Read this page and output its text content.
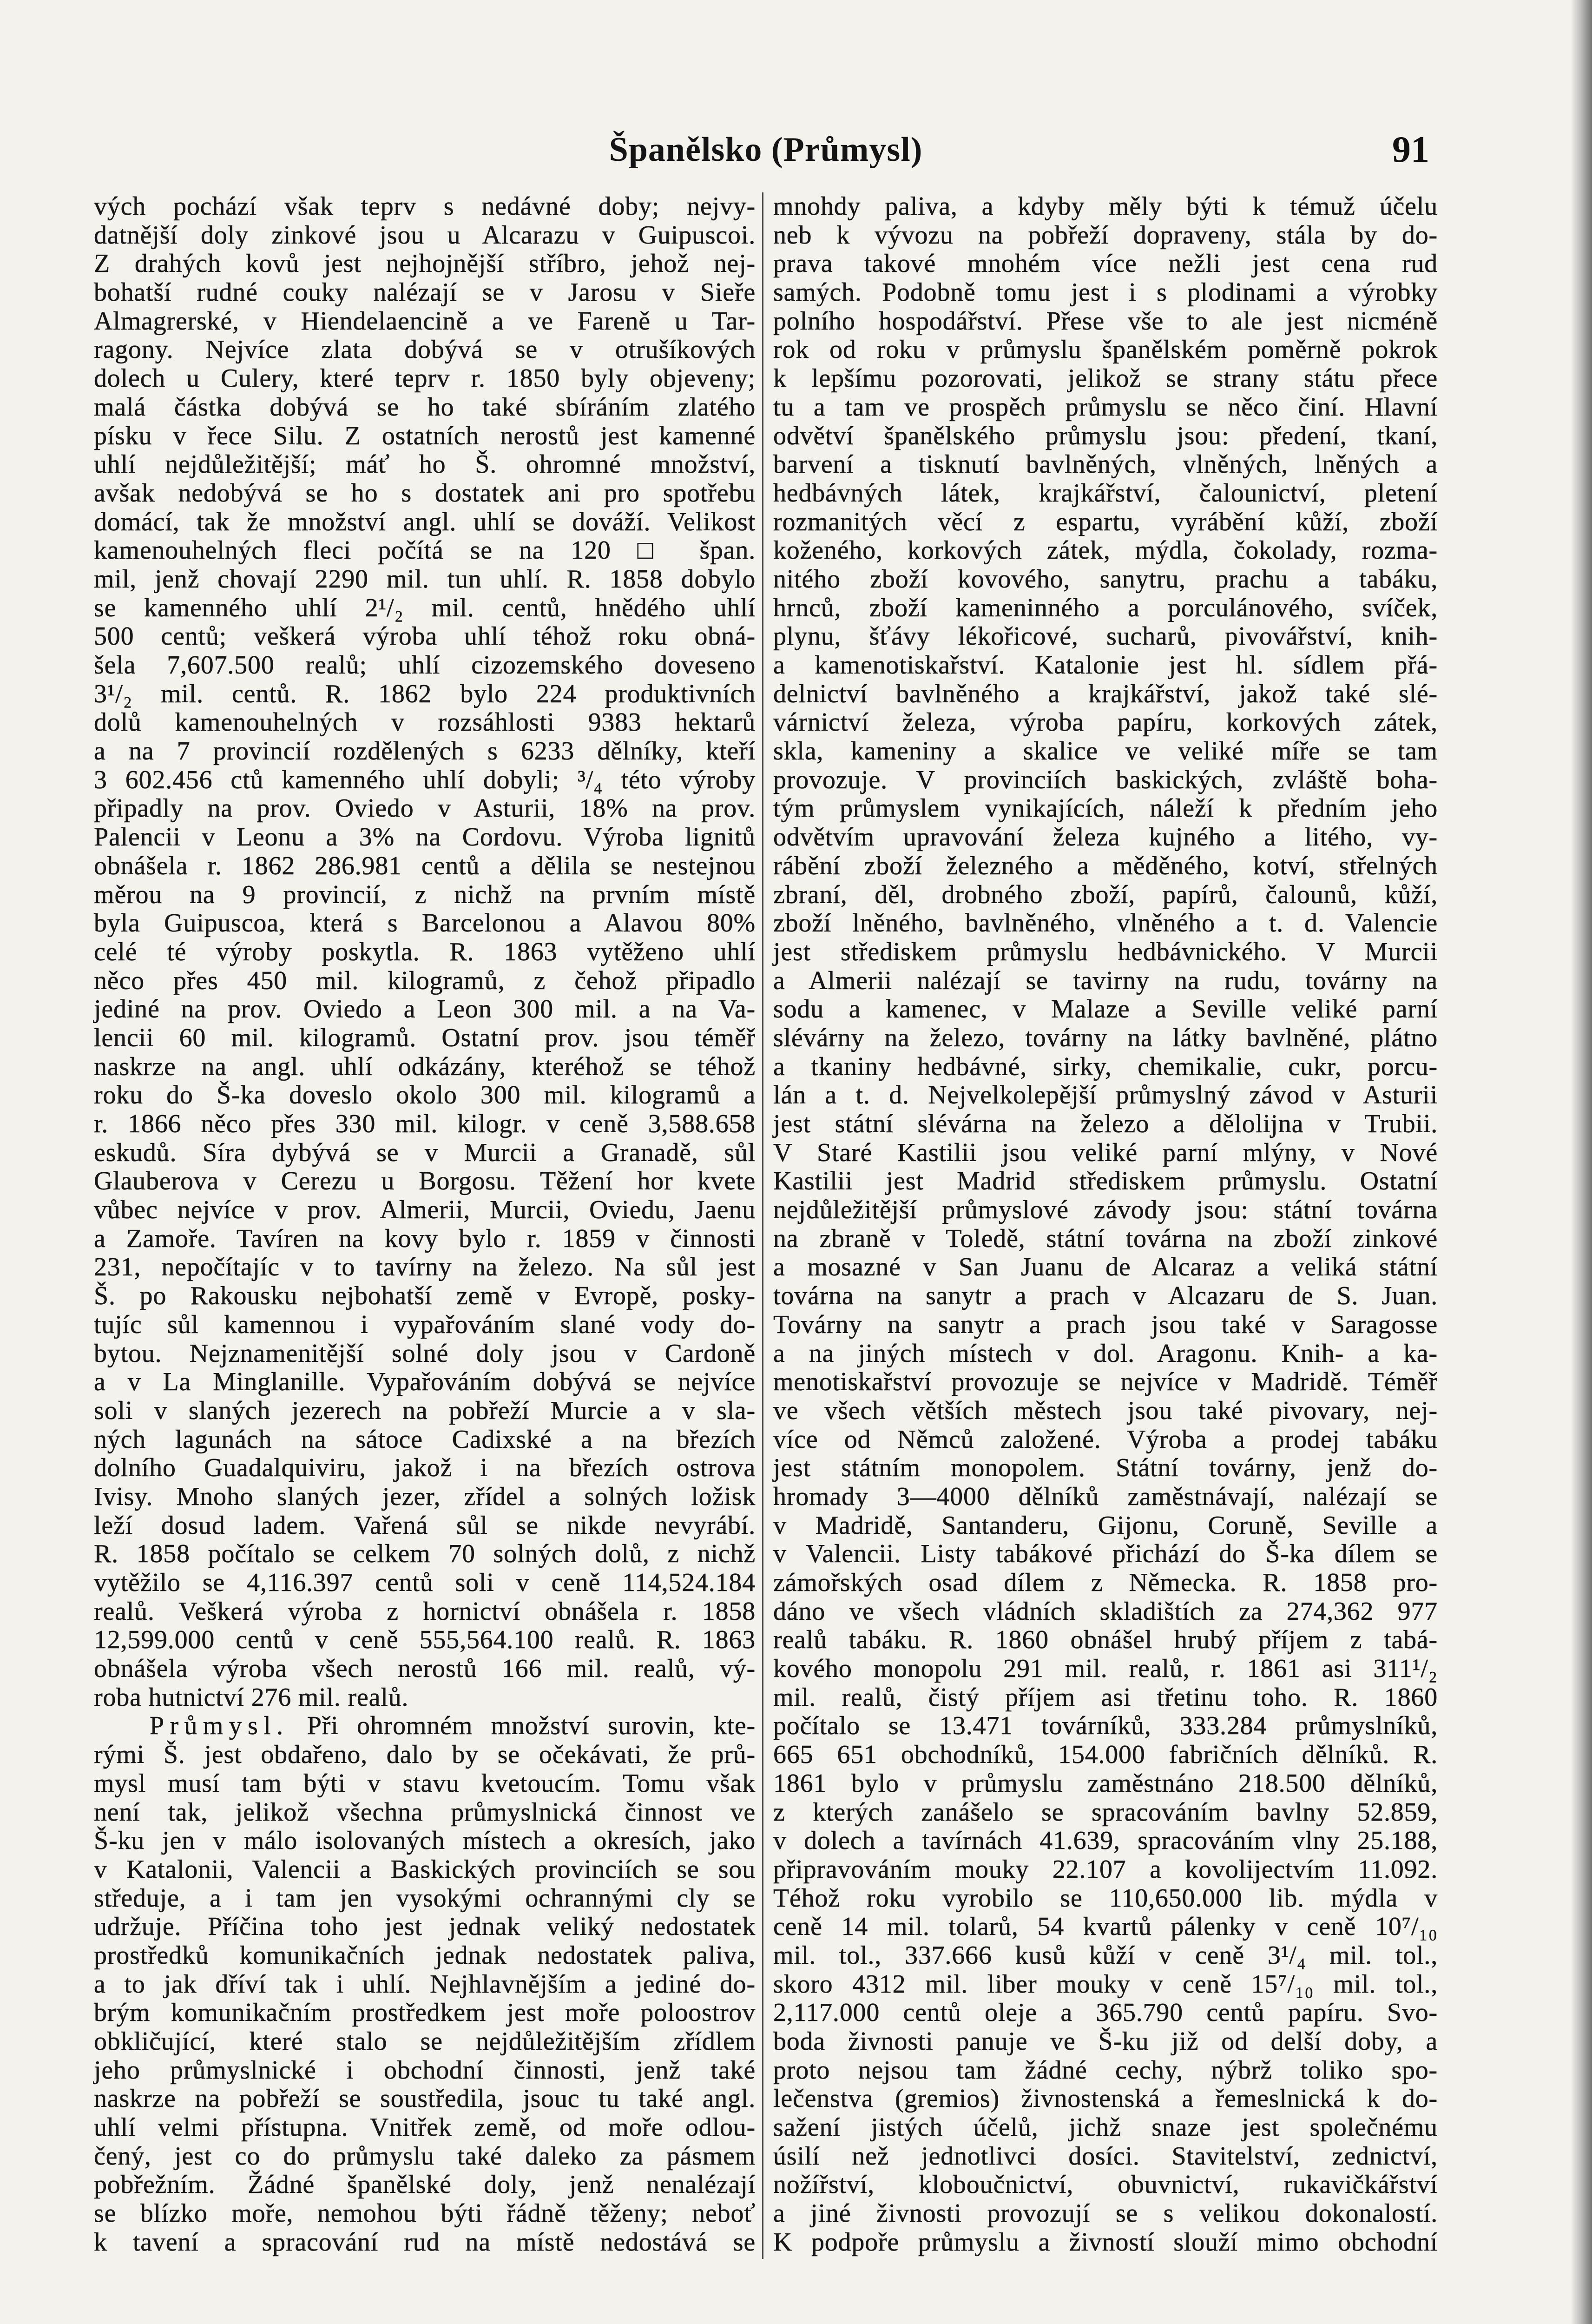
Španělsko (Průmysl)	91
vých pochází však teprv s nedávné doby; nejvy-
datnější doly zinkové jsou u Alcarazu v Guipuscoi.
Z drahých kovů jest nejhojnější stříbro, jehož nej-
bohatší rudné couky nalézají se v Jarosu v Sieře
Almagrerské, v Hiendelaencině a ve Fareně u Tar-
ragony. Nejvíce zlata dobývá se v otrušíkových
dolech u Culery, které teprv r. 1850 byly objeveny;
malá částka dobývá se ho také sbíráním zlatého
písku v řece Silu. Z ostatních nerostů jest kamenné
uhlí nejdůležitější; máť ho Š. ohromné množství,
avšak nedobývá se ho s dostatek ani pro spotřebu
domácí, tak že množství angl. uhlí se dováží. Velikost
kamenouhelných fleci počítá se na 120 □ špan.
mil, jenž chovají 2290 mil. tun uhlí. R. 1858 dobylo
se kamenného uhlí 2¹/₂ mil. centů, hnědého uhlí
500 centů; veškerá výroba uhlí téhož roku obná-
šela 7,607.500 realů; uhlí cizozemského doveseno
3¹/₂ mil. centů. R. 1862 bylo 224 produktivních
dolů kamenouhelných v rozsáhlosti 9383 hektarů
a na 7 provincií rozdělených s 6233 dělníky, kteří
3 602.456 ctů kamenného uhlí dobyli; ³/₄ této výroby
připadly na prov. Oviedo v Asturii, 18% na prov.
Palencii v Leonu a 3% na Cordovu. Výroba lignitů
obnášela r. 1862 286.981 centů a dělila se nestejnou
měrou na 9 provincií, z nichž na prvním místě
byla Guipuscoa, která s Barcelonou a Alavou 80%
celé té výroby poskytla. R. 1863 vytěženo uhlí
něco přes 450 mil. kilogramů, z čehož připadlo
jediné na prov. Oviedo a Leon 300 mil. a na Va-
lencii 60 mil. kilogramů. Ostatní prov. jsou téměř
naskrze na angl. uhlí odkázány, kteréhož se téhož
roku do Š-ka doveslo okolo 300 mil. kilogramů a
r. 1866 něco přes 330 mil. kilogr. v ceně 3,588.658
eskudů. Síra dybývá se v Murcii a Granadě, sůl
Glauberova v Cerezu u Borgosu. Těžení hor kvete
vůbec nejvíce v prov. Almerii, Murcii, Oviedu, Jaenu
a Zamoře. Tavíren na kovy bylo r. 1859 v činnosti
231, nepočítajíc v to tavírny na železo. Na sůl jest
Š. po Rakousku nejbohatší země v Evropě, posky-
tujíc sůl kamennou i vypařováním slané vody do-
bytou. Nejznamenitější solné doly jsou v Cardoně
a v La Minglanille. Vypařováním dobývá se nejvíce
soli v slaných jezerech na pobřeží Murcie a v sla-
ných lagunách na sátoce Cadixské a na březích
dolního Guadalquiviru, jakož i na březích ostrova
Ivisy. Mnoho slaných jezer, zřídel a solných ložisk
leží dosud ladem. Vařená sůl se nikde nevyrábí.
R. 1858 počítalo se celkem 70 solných dolů, z nichž
vytěžilo se 4,116.397 centů soli v ceně 114,524.184
realů. Veškerá výroba z hornictví obnášela r. 1858
12,599.000 centů v ceně 555,564.100 realů. R. 1863
obnášela výroba všech nerostů 166 mil. realů, vý-
roba hutnictví 276 mil. realů.
Průmysl. Při ohromném množství surovin, kte-
rými Š. jest obdařeno, dalo by se očekávati, že prů-
mysl musí tam býti v stavu kvetoucím. Tomu však
není tak, jelikož všechna průmyslnická činnost ve
Š-ku jen v málo isolovaných místech a okresích, jako
v Katalonii, Valencii a Baskických provinciích se sou
středuje, a i tam jen vysokými ochrannými cly se
udržuje. Příčina toho jest jednak veliký nedostatek
prostředků komunikačních jednak nedostatek paliva,
a to jak dříví tak i uhlí. Nejhlavnějším a jediné do-
brým komunikačním prostředkem jest moře poloostrov
obkličující, které stalo se nejdůležitějším zřídlem
jeho průmyslnické i obchodní činnosti, jenž také
naskrze na pobřeží se soustředila, jsouc tu také angl.
uhlí velmi přístupna. Vnitřek země, od moře odlou-
čený, jest co do průmyslu také daleko za pásmem
pobřežním. Žádné španělské doly, jenž nenalézají
se blízko moře, nemohou býti řádně těženy; neboť
k tavení a spracování rud na místě nedostává se
mnohdy paliva, a kdyby měly býti k témuž účelu
neb k vývozu na pobřeží dopraveny, stála by do-
prava takové mnohém více nežli jest cena rud
samých. Podobně tomu jest i s plodinami a výrobky
polního hospodářství. Přese vše to ale jest nicméně
rok od roku v průmyslu španělském poměrně pokrok
k lepšímu pozorovati, jelikož se strany státu přece
tu a tam ve prospěch průmyslu se něco činí. Hlavní
odvětví španělského průmyslu jsou: předení, tkaní,
barvení a tisknutí bavlněných, vlněných, lněných a
hedbávných látek, krajkářství, čalounictví, pletení
rozmanitých věcí z espartu, vyrábění kůží, zboží
koženého, korkových zátek, mýdla, čokolady, rozma-
nitého zboží kovového, sanytru, prachu a tabáku,
hrnců, zboží kameninného a porculánového, svíček,
plynu, šťávy lékořicové, sucharů, pivovářství, knih-
a kamenotiskařství. Katalonie jest hl. sídlem přá-
delnictví bavlněného a krajkářství, jakož také slé-
várnictví železa, výroba papíru, korkových zátek,
skla, kameniny a skalice ve veliké míře se tam
provozuje. V provinciích baskických, zvláště boha-
tým průmyslem vynikajících, náleží k předním jeho
odvětvím upravování železa kujného a litého, vy-
rábění zboží železného a měděného, kotví, střelných
zbraní, děl, drobného zboží, papírů, čalounů, kůží,
zboží lněného, bavlněného, vlněného a t. d. Valencie
jest střediskem průmyslu hedbávnického. V Murcii
a Almerii nalézají se tavirny na rudu, továrny na
sodu a kamenec, v Malaze a Seville veliké parní
slévárny na železo, továrny na látky bavlněné, plátno
a tkaniny hedbávné, sirky, chemikalie, cukr, porcu-
lán a t. d. Nejvelkolepější průmyslný závod v Asturii
jest státní slévárna na železo a dělolijna v Trubii.
V Staré Kastilii jsou veliké parní mlýny, v Nové
Kastilii jest Madrid střediskem průmyslu. Ostatní
nejdůležitější průmyslové závody jsou: státní továrna
na zbraně v Toledě, státní továrna na zboží zinkové
a mosazné v San Juanu de Alcaraz a veliká státní
továrna na sanytr a prach v Alcazaru de S. Juan.
Továrny na sanytr a prach jsou také v Saragosse
a na jiných místech v dol. Aragonu. Knih- a ka-
menotiskařství provozuje se nejvíce v Madridě. Téměř
ve všech větších městech jsou také pivovary, nej-
více od Němců založené. Výroba a prodej tabáku
jest státním monopolem. Státní továrny, jenž do-
hromady 3—4000 dělníků zaměstnávají, nalézají se
v Madridě, Santanderu, Gijonu, Coruně, Seville a
v Valencii. Listy tabákové přichází do Š-ka dílem se
zámořských osad dílem z Německa. R. 1858 pro-
dáno ve všech vládních skladištích za 274,362 977
realů tabáku. R. 1860 obnášel hrubý příjem z tabá-
kového monopolu 291 mil. realů, r. 1861 asi 311¹/₂
mil. realů, čistý příjem asi třetinu toho. R. 1860
počítalo se 13.471 továrníků, 333.284 průmyslníků,
665 651 obchodníků, 154.000 fabričních dělníků. R.
1861 bylo v průmyslu zaměstnáno 218.500 dělníků,
z kterých zanášelo se spracováním bavlny 52.859,
v dolech a tavírnách 41.639, spracováním vlny 25.188,
připravováním mouky 22.107 a kovolijectvím 11.092.
Téhož roku vyrobilo se 110,650.000 lib. mýdla v
ceně 14 mil. tolarů, 54 kvartů pálenky v ceně 10⁷/₁₀
mil. tol., 337.666 kusů kůží v ceně 3¹/₄ mil. tol.,
skoro 4312 mil. liber mouky v ceně 15⁷/₁₀ mil. tol.,
2,117.000 centů oleje a 365.790 centů papíru. Svo-
boda živnosti panuje ve Š-ku již od delší doby, a
proto nejsou tam žádné cechy, nýbrž toliko spo-
lečenstva (gremios) živnostenská a řemeslnická k do-
sažení jistých účelů, jichž snaze jest společnému
úsilí než jednotlivci dosíci. Stavitelství, zednictví,
nožířství, kloboučnictví, obuvnictví, rukavičkářství
a jiné živnosti provozují se s velikou dokonalostí.
K podpoře průmyslu a živností slouží mimo obchodní
